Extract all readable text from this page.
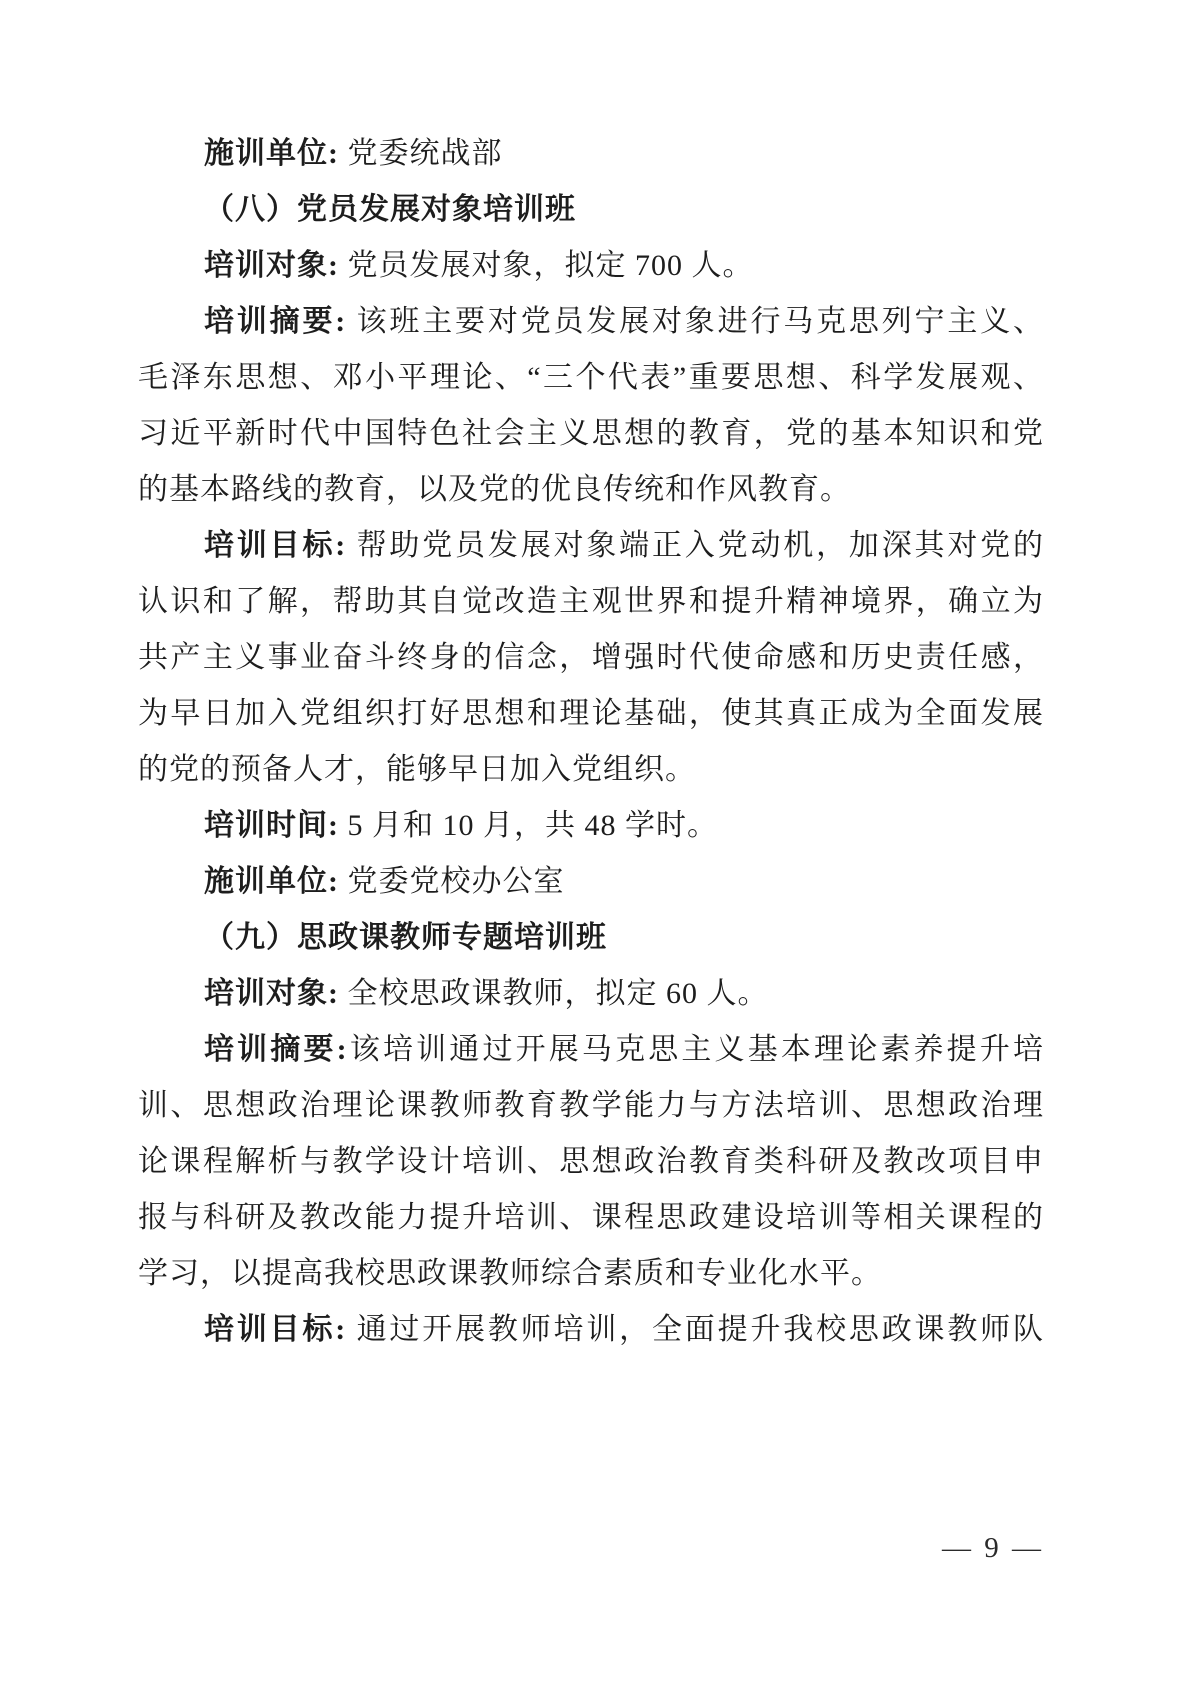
施训单位: 党委统战部
（八）党员发展对象培训班
培训对象: 党员发展对象，拟定 700 人。
培训摘要: 该班主要对党员发展对象进行马克思列宁主义、
毛泽东思想、邓小平理论、“三个代表”重要思想、科学发展观、
习近平新时代中国特色社会主义思想的教育，党的基本知识和党
的基本路线的教育，以及党的优良传统和作风教育。
培训目标: 帮助党员发展对象端正入党动机，加深其对党的
认识和了解，帮助其自觉改造主观世界和提升精神境界，确立为
共产主义事业奋斗终身的信念，增强时代使命感和历史责任感，
为早日加入党组织打好思想和理论基础，使其真正成为全面发展
的党的预备人才，能够早日加入党组织。
培训时间: 5 月和 10 月，共 48 学时。
施训单位: 党委党校办公室
（九）思政课教师专题培训班
培训对象: 全校思政课教师，拟定 60 人。
培训摘要:该培训通过开展马克思主义基本理论素养提升培
训、思想政治理论课教师教育教学能力与方法培训、思想政治理
论课程解析与教学设计培训、思想政治教育类科研及教改项目申
报与科研及教改能力提升培训、课程思政建设培训等相关课程的
学习，以提高我校思政课教师综合素质和专业化水平。
培训目标: 通过开展教师培训，全面提升我校思政课教师队
— 9 —
